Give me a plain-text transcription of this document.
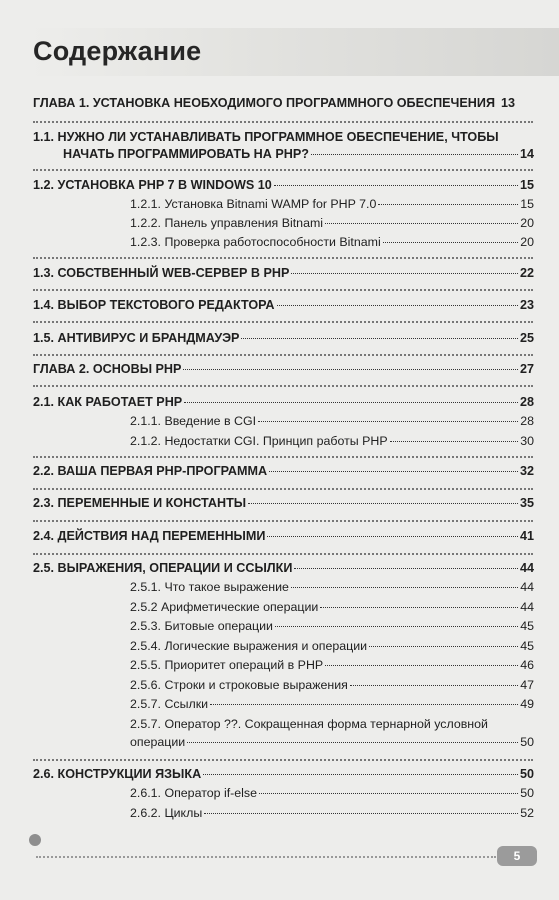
Содержание
ГЛАВА 1. УСТАНОВКА НЕОБХОДИМОГО ПРОГРАММНОГО ОБЕСПЕЧЕНИЯ 13
1.1. НУЖНО ЛИ УСТАНАВЛИВАТЬ ПРОГРАММНОЕ ОБЕСПЕЧЕНИЕ, ЧТОБЫ
НАЧАТЬ ПРОГРАММИРОВАТЬ НА PHP?	14
1.2. УСТАНОВКА PHP 7 В WINDOWS 10	15
1.2.1. Установка Bitnami WAMP for PHP 7.0	15
1.2.2. Панель управления Bitnami	20
1.2.3. Проверка работоспособности Bitnami	20
1.3. СОБСТВЕННЫЙ WEB-СЕРВЕР В PHP	22
1.4. ВЫБОР ТЕКСТОВОГО РЕДАКТОРА	23
1.5. АНТИВИРУС И БРАНДМАУЭР	25
ГЛАВА 2. ОСНОВЫ PHP	27
2.1. КАК РАБОТАЕТ PHP	28
2.1.1. Введение в CGI	28
2.1.2. Недостатки CGI. Принцип работы PHP	30
2.2. ВАША ПЕРВАЯ PHP-ПРОГРАММА	32
2.3. ПЕРЕМЕННЫЕ И КОНСТАНТЫ	35
2.4. ДЕЙСТВИЯ НАД ПЕРЕМЕННЫМИ	41
2.5. ВЫРАЖЕНИЯ, ОПЕРАЦИИ И ССЫЛКИ	44
2.5.1. Что такое выражение	44
2.5.2 Арифметические операции	44
2.5.3. Битовые операции	45
2.5.4. Логические выражения и операции	45
2.5.5. Приоритет операций в PHP	46
2.5.6. Строки и строковые выражения	47
2.5.7. Ссылки	49
2.5.7. Оператор ??. Сокращенная форма тернарной условной
операции	50
2.6. КОНСТРУКЦИИ ЯЗЫКА	50
2.6.1. Оператор if-else	50
2.6.2. Циклы	52
5
